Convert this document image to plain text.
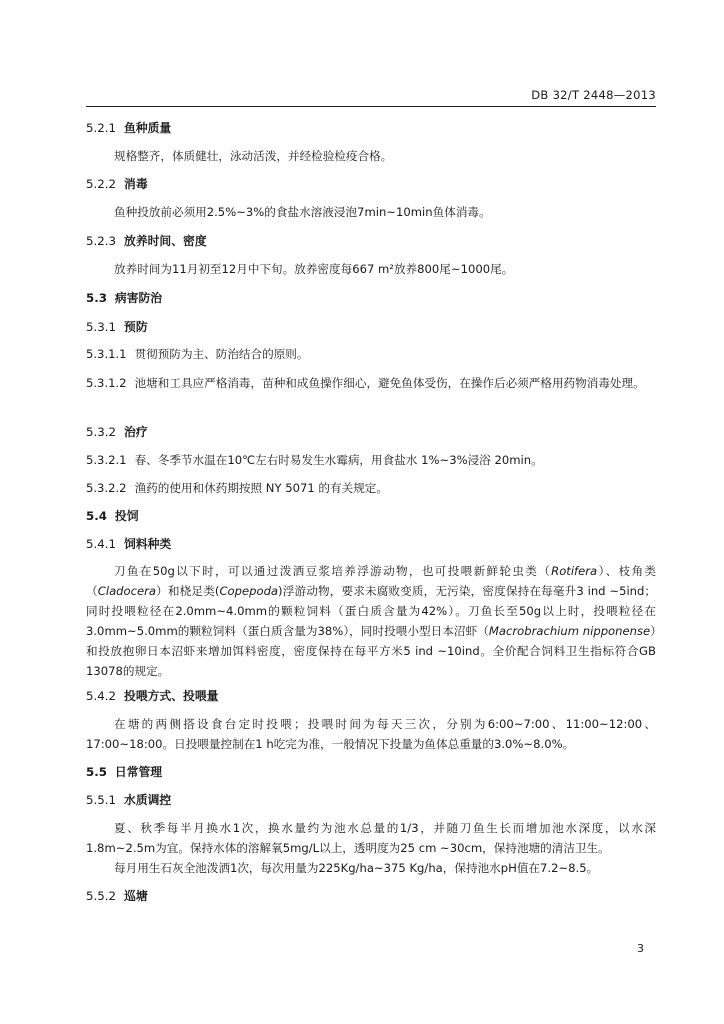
DB 32/T 2448—2013
5.2.1 鱼种质量
规格整齐，体质健壮，泳动活泼，并经检验检疫合格。
5.2.2 消毒
鱼种投放前必须用2.5%~3%的食盐水溶液浸泡7min~10min鱼体消毒。
5.2.3 放养时间、密度
放养时间为11月初至12月中下旬。放养密度每667 m²放养800尾~1000尾。
5.3 病害防治
5.3.1 预防
5.3.1.1 贯彻预防为主、防治结合的原则。
5.3.1.2 池塘和工具应严格消毒，苗种和成鱼操作细心，避免鱼体受伤，在操作后必须严格用药物消毒处理。
5.3.2 治疗
5.3.2.1 春、冬季节水温在10℃左右时易发生水霉病，用食盐水 1%~3%浸浴 20min。
5.3.2.2 渔药的使用和休药期按照 NY 5071 的有关规定。
5.4 投饲
5.4.1 饲料种类
刀鱼在50g以下时，可以通过泼洒豆浆培养浮游动物，也可投喂新鲜轮虫类（Rotifera）、枝角类（Cladocera）和桡足类(Copepoda)浮游动物，要求未腐败变质，无污染，密度保持在每毫升3 ind ~5ind；同时投喂粒径在2.0mm~4.0mm的颗粒饲料（蛋白质含量为42%）。刀鱼长至50g以上时，投喂粒径在3.0mm~5.0mm的颗粒饲料（蛋白质含量为38%），同时投喂小型日本沼虾（Macrobrachium nipponense）和投放抱卵日本沼虾来增加饵料密度，密度保持在每平方米5 ind ~10ind。全价配合饲料卫生指标符合GB 13078的规定。
5.4.2 投喂方式、投喂量
在塘的两侧搭设食台定时投喂；投喂时间为每天三次，分别为6:00~7:00、11:00~12:00、17:00~18:00。日投喂量控制在1 h吃完为准，一般情况下投量为鱼体总重量的3.0%~8.0%。
5.5 日常管理
5.5.1 水质调控
夏、秋季每半月换水1次，换水量约为池水总量的1/3，并随刀鱼生长而增加池水深度，以水深1.8m~2.5m为宜。保持水体的溶解氧5mg/L以上，透明度为25 cm ~30cm，保持池塘的清洁卫生。
每月用生石灰全池泼洒1次，每次用量为225Kg/ha~375 Kg/ha，保持池水pH值在7.2~8.5。
5.5.2 巡塘
3
